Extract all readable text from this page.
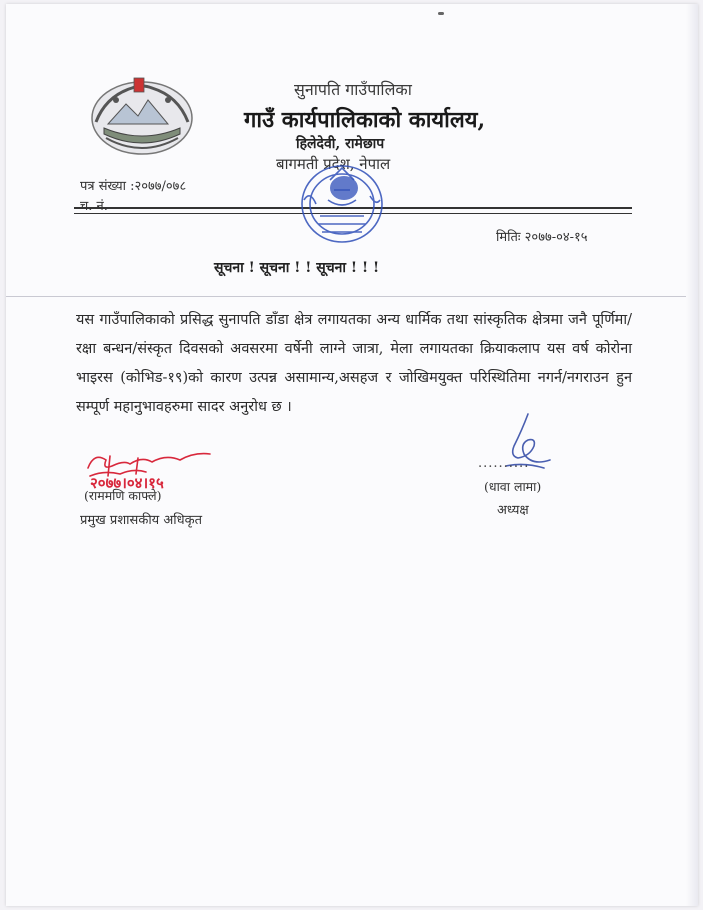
सुनापति गाउँपालिका
गाउँ कार्यपालिकाको कार्यालय,
हिलेदेवी, रामेछाप
बागमती प्रदेश, नेपाल
पत्र संख्या :२०७७/०७८
च. नं.
मितिः २०७७-०४-१५
सूचना ! सूचना ! ! सूचना ! ! !
यस गाउँपालिकाको प्रसिद्ध सुनापति डाँडा क्षेत्र लगायतका अन्य धार्मिक तथा सांस्कृतिक क्षेत्रमा जनै पूर्णिमा/रक्षा बन्धन/संस्कृत दिवसको अवसरमा वर्षेनी लाग्ने जात्रा, मेला लगायतका क्रियाकलाप यस वर्ष कोरोना भाइरस (कोभिड-१९)को कारण उत्पन्न असामान्य,असहज र जोखिमयुक्त परिस्थितिमा नगर्न/नगराउन हुन सम्पूर्ण महानुभावहरुमा सादर अनुरोध छ ।
२०७७।०४।१५
(राममणि काफ्ले)
प्रमुख प्रशासकीय अधिकृत
..........
(धावा लामा)
अध्यक्ष
